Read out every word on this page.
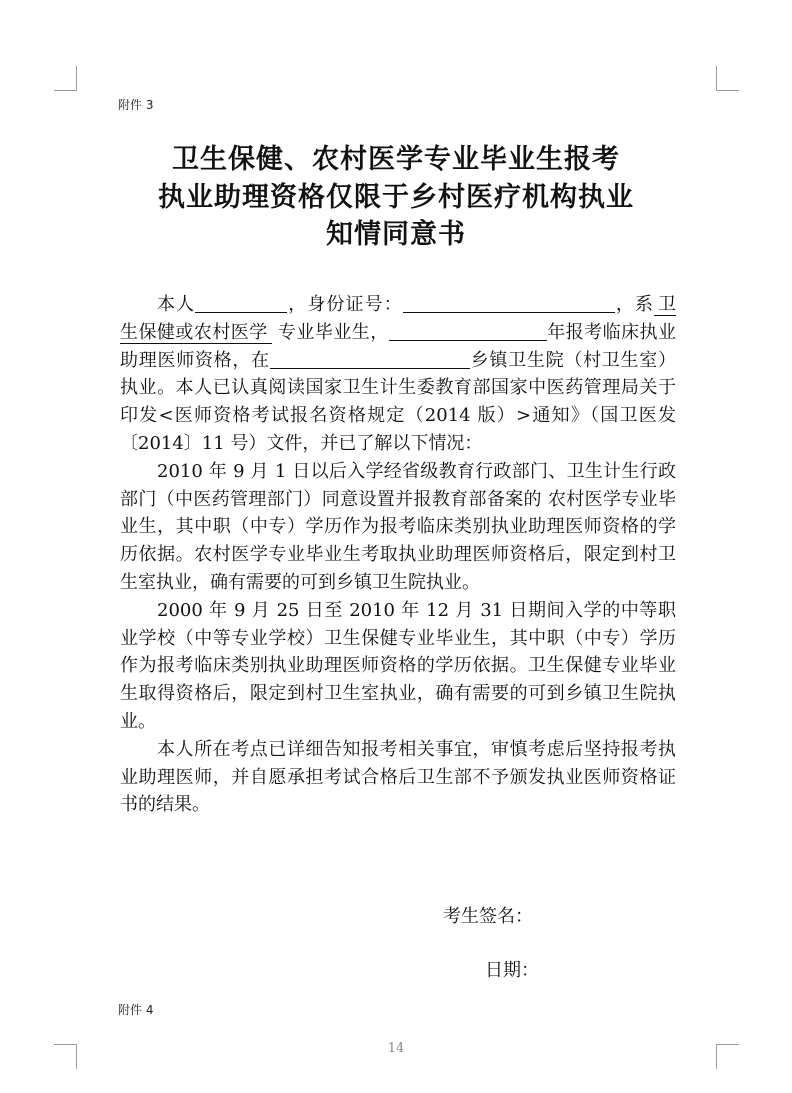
附件 3
卫生保健、农村医学专业毕业生报考
执业助理资格仅限于乡村医疗机构执业
知情同意书

本人	，身份证号：	，系 卫生保健或农村医学 专业毕业生，	年报考临床执业助理医师资格，在	乡镇卫生院（村卫生室）执业。本人已认真阅读国家卫生计生委教育部国家中医药管理局关于印发<医师资格考试报名资格规定（2014 版）>通知》（国卫医发〔2014〕11 号）文件，并已了解以下情况：

2010 年 9 月 1 日以后入学经省级教育行政部门、卫生计生行政部门（中医药管理部门）同意设置并报教育部备案的 农村医学专业毕业生，其中职（中专）学历作为报考临床类别执业助理医师资格的学历依据。农村医学专业毕业生考取执业助理医师资格后，限定到村卫生室执业，确有需要的可到乡镇卫生院执业。

2000 年 9 月 25 日至 2010 年 12 月 31 日期间入学的中等职业学校（中等专业学校）卫生保健专业毕业生，其中职（中专）学历作为报考临床类别执业助理医师资格的学历依据。卫生保健专业毕业生取得资格后，限定到村卫生室执业，确有需要的可到乡镇卫生院执业。

本人所在考点已详细告知报考相关事宜，审慎考虑后坚持报考执业助理医师，并自愿承担考试合格后卫生部不予颁发执业医师资格证书的结果。

考生签名：
日期：
附件 4
14
